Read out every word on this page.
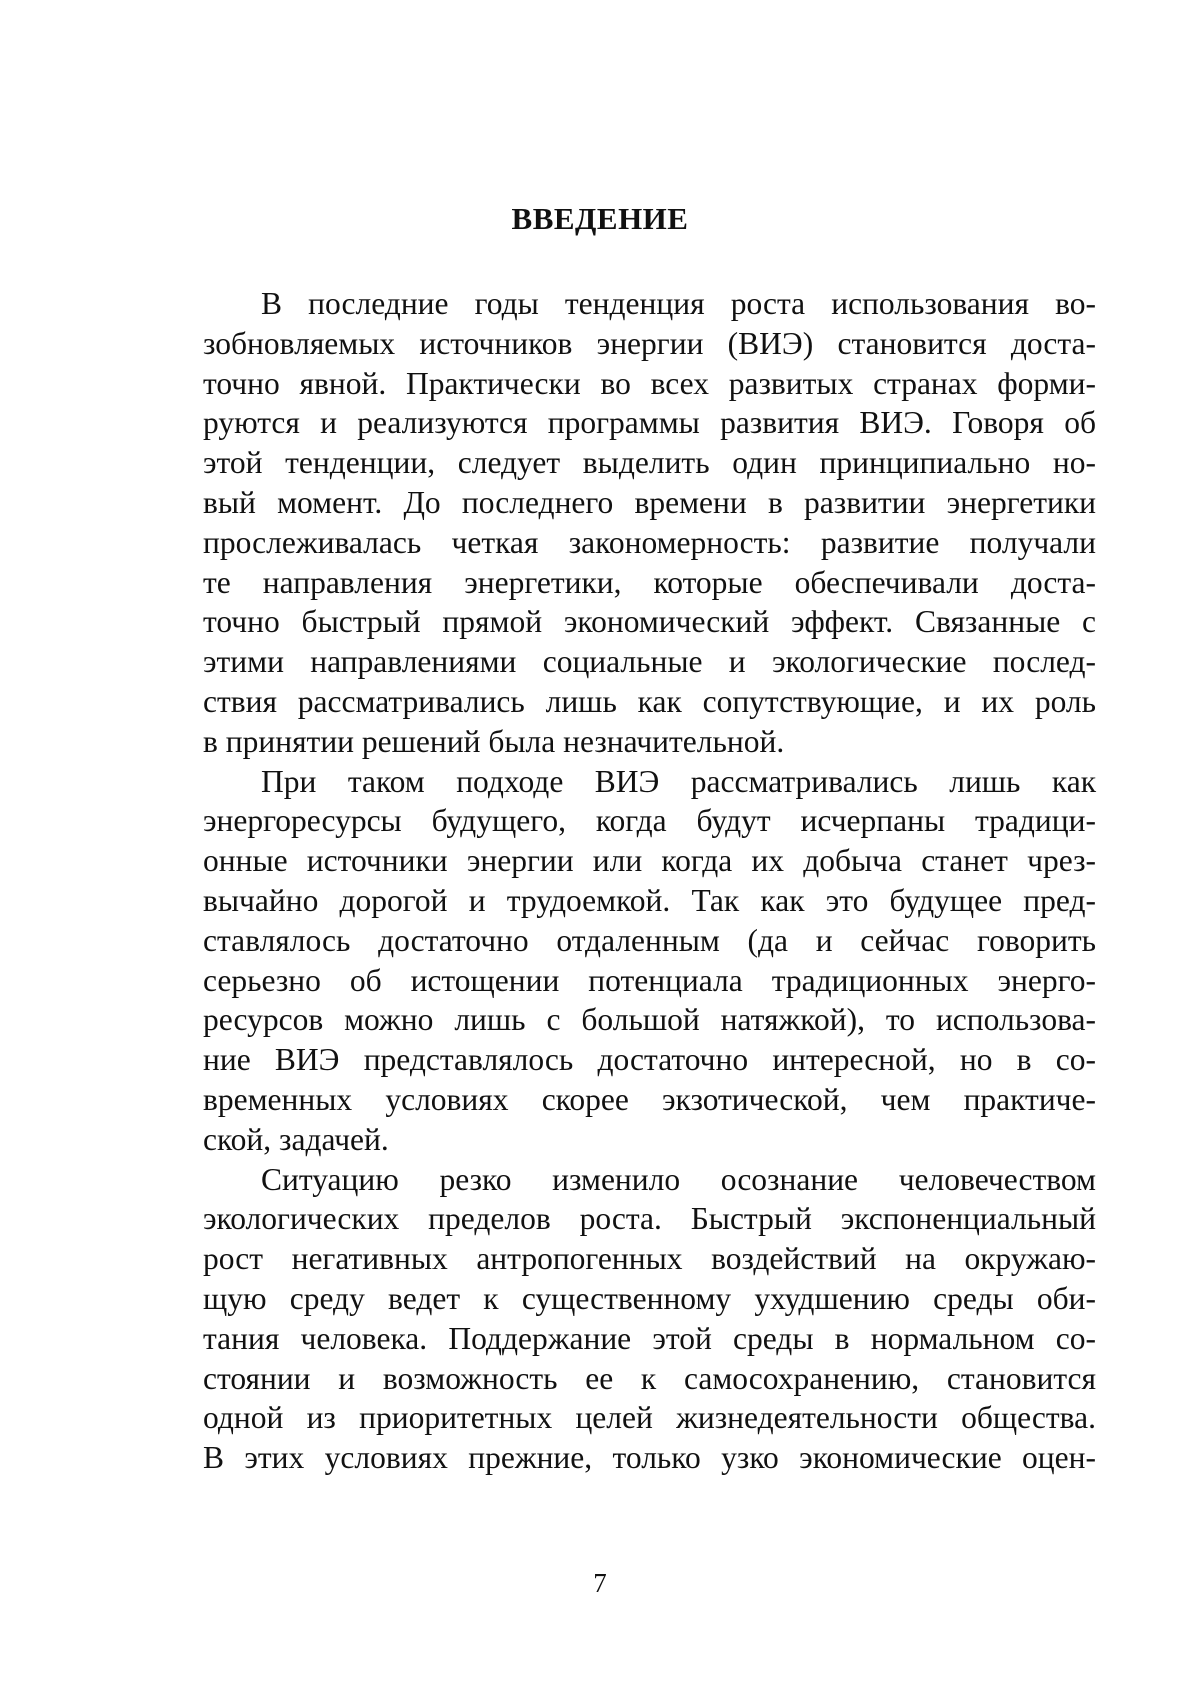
ВВЕДЕНИЕ
В последние годы тенденция роста использования во-
зобновляемых источников энергии (ВИЭ) становится доста-
точно явной. Практически во всех развитых странах форми-
руются и реализуются программы развития ВИЭ. Говоря об
этой тенденции, следует выделить один принципиально но-
вый момент. До последнего времени в развитии энергетики
прослеживалась четкая закономерность: развитие получали
те направления энергетики, которые обеспечивали доста-
точно быстрый прямой экономический эффект. Связанные с
этими направлениями социальные и экологические послед-
ствия рассматривались лишь как сопутствующие, и их роль
в принятии решений была незначительной.
При таком подходе ВИЭ рассматривались лишь как
энергоресурсы будущего, когда будут исчерпаны традици-
онные источники энергии или когда их добыча станет чрез-
вычайно дорогой и трудоемкой. Так как это будущее пред-
ставлялось достаточно отдаленным (да и сейчас говорить
серьезно об истощении потенциала традиционных энерго-
ресурсов можно лишь с большой натяжкой), то использова-
ние ВИЭ представлялось достаточно интересной, но в со-
временных условиях скорее экзотической, чем практиче-
ской, задачей.
Ситуацию резко изменило осознание человечеством
экологических пределов роста. Быстрый экспоненциальный
рост негативных антропогенных воздействий на окружаю-
щую среду ведет к существенному ухудшению среды оби-
тания человека. Поддержание этой среды в нормальном со-
стоянии и возможность ее к самосохранению, становится
одной из приоритетных целей жизнедеятельности общества.
В этих условиях прежние, только узко экономические оцен-
7
